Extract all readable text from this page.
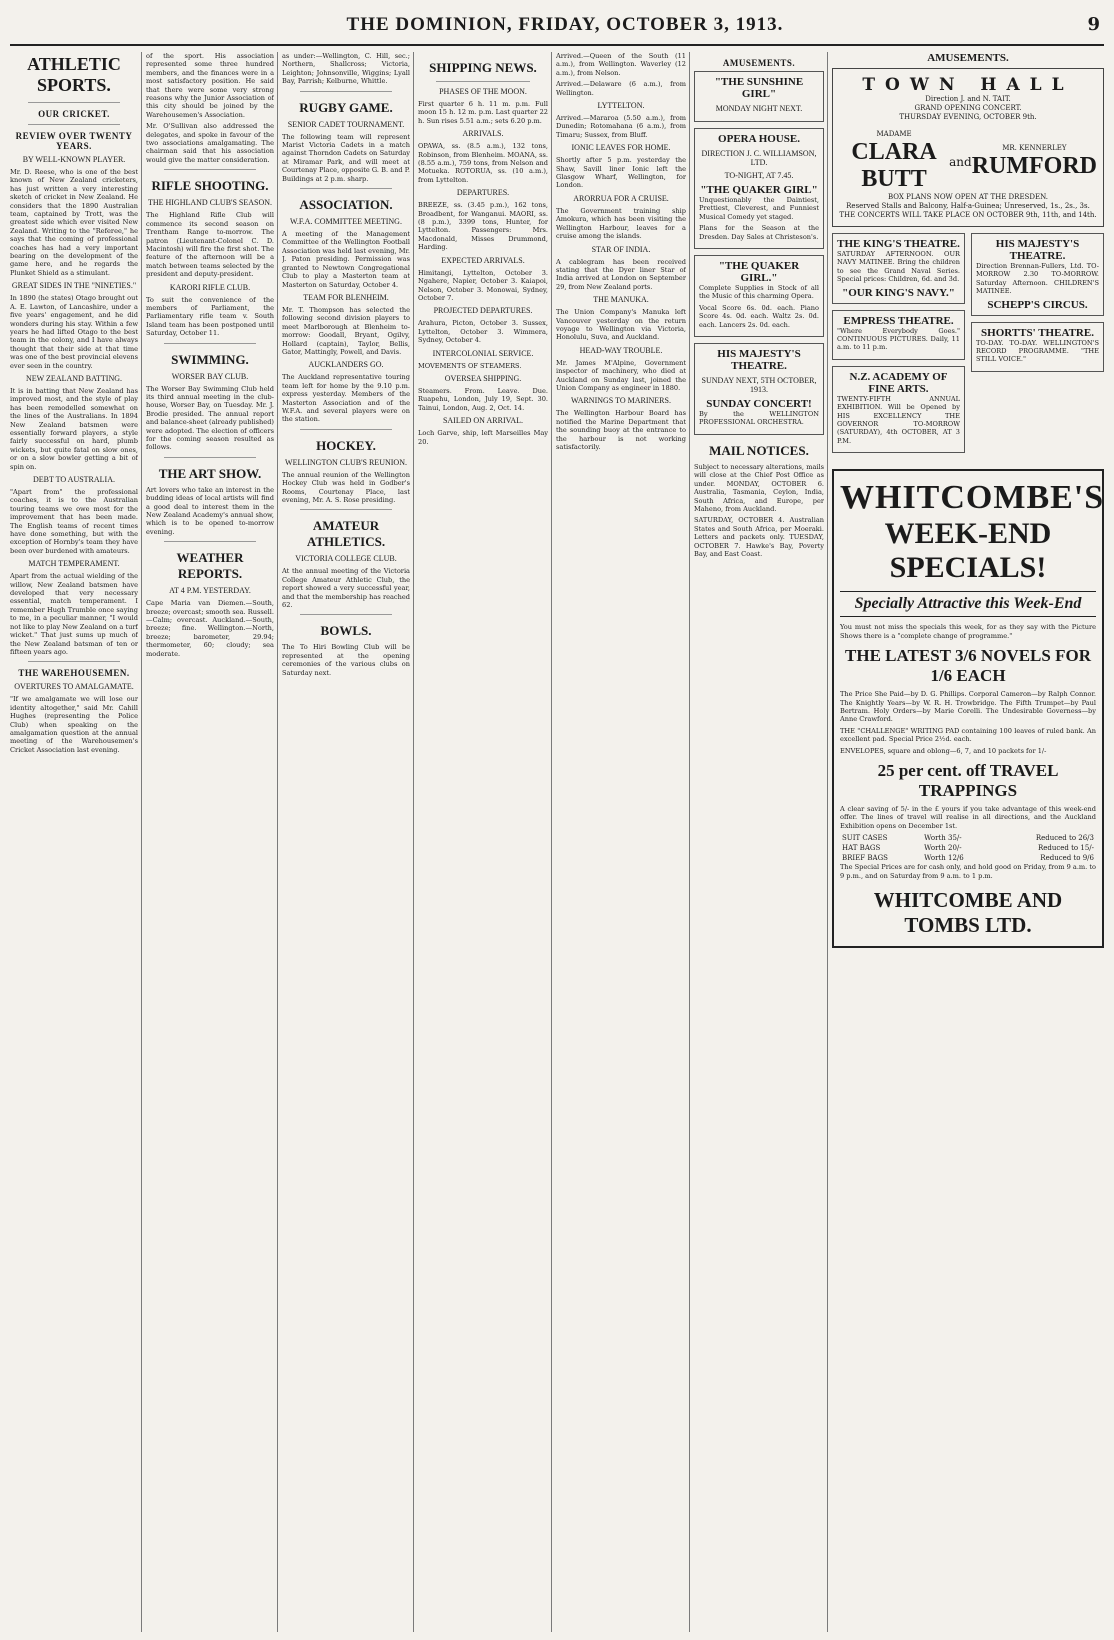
THE DOMINION, FRIDAY, OCTOBER 3, 1913.	9
ATHLETIC SPORTS.
OUR CRICKET.
REVIEW OVER TWENTY YEARS.
BY WELL-KNOWN PLAYER.

Mr. D. Reese, who is one of the best known of New Zealand cricketers, has just written a very interesting sketch of cricket in New Zealand. He considers that the 1890 Australian team, captained by Trott, was the greatest side which ever visited New Zealand. Writing to the "Referee," he says that the coming of professional coaches has had a very important bearing on the development of the game here, and he regards the Plunket Shield as a stimulant.

GREAT SIDES IN THE "NINETIES."

In 1890 (he states) Otago brought out A. E. Lawton, of Lancashire, under a five years' engagement, and he did wonders during his stay. Within a few years he had lifted Otago to the best team in the colony, and I have always thought that their side at that time was one of the best provincial elevens ever seen in the country.

NEW ZEALAND BATTING.

It is in batting that New Zealand has improved most, and the style of play has been remodelled somewhat on the lines of the Australians. In 1894 New Zealand batsmen were essentially forward players, a style fairly successful on hard, plumb wickets, but quite fatal on slow ones, or on a slow bowler getting a bit of spin on.

DEBT TO AUSTRALIA.

"Apart from" the professional coaches, it is to the Australian touring teams we owe most for the improvement that has been made. The English teams of recent times have done something, but with the exception of Hornby's team they have been over burdened with amateurs.

MATCH TEMPERAMENT.

Apart from the actual wielding of the willow, New Zealand batsmen have developed that very necessary essential, match temperament. I remember Hugh Trumble once saying to me, in a peculiar manner, "I would not like to play New Zealand on a turf wicket." That just sums up much of the New Zealand batsman of ten or fifteen years ago.

THE WAREHOUSEMEN.
OVERTURES TO AMALGAMATE.

"If we amalgamate we will lose our identity altogether," said Mr. Cahill Hughes (representing the Police Club) when speaking on the amalgamation question at the annual meeting of the Warehousemen's Cricket Association last evening.

of the sport. His association represented some three hundred members, and the finances were in a most satisfactory position. He said that there were some very strong reasons why the Junior Association of this city should be joined by the Warehousemen's Association.

Mr. O'Sullivan also addressed the delegates, and spoke in favour of the two associations amalgamating. The chairman said that his association would give the matter consideration.

RIFLE SHOOTING.
THE HIGHLAND CLUB'S SEASON.

The Highland Rifle Club will commence its second season on Trentham Range to-morrow. The patron (Lieutenant-Colonel C. D. Macintosh) will fire the first shot. The feature of the afternoon will be a match between teams selected by the president and deputy-president.

KARORI RIFLE CLUB.

To suit the convenience of the members of Parliament, the Parliamentary rifle team v. South Island team has been postponed until Saturday, October 11.

SWIMMING.
WORSER BAY CLUB.

The Worser Bay Swimming Club held its third annual meeting in the club-house, Worser Bay, on Tuesday. Mr. J. Brodie presided. The annual report and balance-sheet (already published) were adopted. The election of officers for the coming season resulted as follows.

THE ART SHOW.

Art lovers who take an interest in the budding ideas of local artists will find a good deal to interest them in the New Zealand Academy's annual show, which is to be opened to-morrow evening.

WEATHER REPORTS.
AT 4 P.M. YESTERDAY.

Cape Maria van Diemen.—South, breeze; overcast; smooth sea. Russell.—Calm; overcast. Auckland.—South, breeze; fine. Wellington.—North, breeze; barometer, 29.94; thermometer, 60; cloudy; sea moderate.

as under:—Wellington, C. Hill, sec.; Northern, Shallcross; Victoria, Leighton; Johnsonville, Wiggins; Lyall Bay, Parrish; Kelburne, Whittle.

RUGBY GAME.
SENIOR CADET TOURNAMENT.

The following team will represent Marist Victoria Cadets in a match against Thorndon Cadets on Saturday at Miramar Park, and will meet at Courtenay Place, opposite G. B. and P. Buildings at 2 p.m. sharp.

ASSOCIATION.
W.F.A. COMMITTEE MEETING.

A meeting of the Management Committee of the Wellington Football Association was held last evening, Mr. J. Paton presiding. Permission was granted to Newtown Congregational Club to play a Masterton team at Masterton on Saturday, October 4.

TEAM FOR BLENHEIM.

Mr. T. Thompson has selected the following second division players to meet Marlborough at Blenheim to-morrow: Goodall, Bryant, Ogilvy, Hollard (captain), Taylor, Bellis, Gator, Mattingly, Powell, and Davis.

AUCKLANDERS GO.

The Auckland representative touring team left for home by the 9.10 p.m. express yesterday. Members of the Masterton Association and of the W.F.A. and several players were on the station.

HOCKEY.
WELLINGTON CLUB'S REUNION.

The annual reunion of the Wellington Hockey Club was held in Godber's Rooms, Courtenay Place, last evening, Mr. A. S. Rose presiding.

AMATEUR ATHLETICS.
VICTORIA COLLEGE CLUB.

At the annual meeting of the Victoria College Amateur Athletic Club, the report showed a very successful year, and that the membership has reached 62.

BOWLS.

The To Hiri Bowling Club will be represented at the opening ceremonies of the various clubs on Saturday next.

SHIPPING NEWS.
PHASES OF THE MOON.

First quarter 6 h. 11 m. p.m. Full moon 15 h. 12 m. p.m. Last quarter 22 h. Sun rises 5.51 a.m.; sets 6.20 p.m.

ARRIVALS.

OPAWA, ss. (8.5 a.m.), 132 tons, Robinson, from Blenheim. MOANA, ss. (8.55 a.m.), 759 tons, from Nelson and Motueka. ROTORUA, ss. (10 a.m.), from Lyttelton.

DEPARTURES.

BREEZE, ss. (3.45 p.m.), 162 tons, Broadbent, for Wanganui. MAORI, ss. (8 p.m.), 3399 tons, Hunter, for Lyttelton. Passengers: Mrs. Macdonald, Misses Drummond, Harding.

EXPECTED ARRIVALS.

Himitangi, Lyttelton, October 3. Ngahere, Napier, October 3. Kaiapoi, Nelson, October 3. Monowai, Sydney, October 7.

PROJECTED DEPARTURES.

Arahura, Picton, October 3. Sussex, Lyttelton, October 3. Wimmera, Sydney, October 4.

INTERCOLONIAL SERVICE.

MOVEMENTS OF STEAMERS.

OVERSEA SHIPPING.

Steamers. From. Leave. Due. Ruapehu, London, July 19, Sept. 30. Tainui, London, Aug. 2, Oct. 14.

SAILED ON ARRIVAL.

Loch Garve, ship, left Marseilles May 20.

Arrived.—Queen of the South (11 a.m.), from Wellington. Waverley (12 a.m.), from Nelson.

Arrived.—Delaware (6 a.m.), from Wellington.

LYTTELTON.

Arrived.—Mararoa (5.50 a.m.), from Dunedin; Rotomahana (6 a.m.), from Timaru; Sussex, from Bluff.

IONIC LEAVES FOR HOME.

Shortly after 5 p.m. yesterday the Shaw, Savill liner Ionic left the Glasgow Wharf, Wellington, for London.

ARORRUA FOR A CRUISE.

The Government training ship Amokura, which has been visiting the Wellington Harbour, leaves for a cruise among the islands.

STAR OF INDIA.

A cablegram has been received stating that the Dyer liner Star of India arrived at London on September 29, from New Zealand ports.

THE MANUKA.

The Union Company's Manuka left Vancouver yesterday on the return voyage to Wellington via Victoria, Honolulu, Suva, and Auckland.

HEAD-WAY TROUBLE.

Mr. James M'Alpine, Government inspector of machinery, who died at Auckland on Sunday last, joined the Union Company as engineer in 1880.

WARNINGS TO MARINERS.

The Wellington Harbour Board has notified the Marine Department that the sounding buoy at the entrance to the harbour is not working satisfactorily.

AMUSEMENTS.
"THE SUNSHINE GIRL"
MONDAY NIGHT NEXT.
OPERA HOUSE.
DIRECTION J. C. WILLIAMSON, LTD.
TO-NIGHT, AT 7.45.
"THE QUAKER GIRL"

Unquestionably the Daintiest, Prettiest, Cleverest, and Funniest Musical Comedy yet staged.

Plans for the Season at the Dresden. Day Sales at Christeson's.

"THE QUAKER GIRL."

Complete Supplies in Stock of all the Music of this charming Opera.

Vocal Score 6s. 0d. each. Piano Score 4s. 0d. each. Waltz 2s. 0d. each. Lancers 2s. 0d. each.

HIS MAJESTY'S THEATRE.
SUNDAY NEXT, 5TH OCTOBER, 1913.
SUNDAY CONCERT!

By the WELLINGTON PROFESSIONAL ORCHESTRA.

MAIL NOTICES.

Subject to necessary alterations, mails will close at the Chief Post Office as under. MONDAY, OCTOBER 6. Australia, Tasmania, Ceylon, India, South Africa, and Europe, per Maheno, from Auckland.

SATURDAY, OCTOBER 4. Australian States and South Africa, per Moeraki. Letters and packets only. TUESDAY, OCTOBER 7. Hawke's Bay, Poverty Bay, and East Coast.

AMUSEMENTS.
TOWN HALL
Direction J. and N. TAIT.
GRAND OPENING CONCERT.
THURSDAY EVENING, OCTOBER 9th.
MADAME
CLARA BUTT
and
MR. KENNERLEY
RUMFORD
BOX PLANS NOW OPEN AT THE DRESDEN.
Reserved Stalls and Balcony, Half-a-Guinea; Unreserved, 1s., 2s., 3s.
THE CONCERTS WILL TAKE PLACE ON OCTOBER 9th, 11th, and 14th.
THE KING'S THEATRE.

SATURDAY AFTERNOON. OUR NAVY MATINEE. Bring the children to see the Grand Naval Series. Special prices: Children, 6d. and 3d.

"OUR KING'S NAVY."
EMPRESS THEATRE.

"Where Everybody Goes." CONTINUOUS PICTURES. Daily, 11 a.m. to 11 p.m.

N.Z. ACADEMY OF FINE ARTS.

TWENTY-FIFTH ANNUAL EXHIBITION. Will be Opened by HIS EXCELLENCY THE GOVERNOR TO-MORROW (SATURDAY), 4th OCTOBER, AT 3 P.M.

HIS MAJESTY'S THEATRE.

Direction Brennan-Fullers, Ltd. TO-MORROW 2.30 TO-MORROW. Saturday Afternoon. CHILDREN'S MATINEE.

SCHEPP'S CIRCUS.
SHORTTS' THEATRE.

TO-DAY. TO-DAY. WELLINGTON'S RECORD PROGRAMME. "THE STILL VOICE."

WHITCOMBE'S
WEEK-END SPECIALS!
Specially Attractive this Week-End

You must not miss the specials this week, for as they say with the Picture Shows there is a "complete change of programme."

THE LATEST 3/6 NOVELS FOR 1/6 EACH

The Price She Paid—by D. G. Phillips. Corporal Cameron—by Ralph Connor. The Knightly Years—by W. R. H. Trowbridge. The Fifth Trumpet—by Paul Bertram. Holy Orders—by Marie Corelli. The Undesirable Governess—by Anne Crawford.

THE "CHALLENGE" WRITING PAD containing 100 leaves of ruled bank. An excellent pad. Special Price 2½d. each.

ENVELOPES, square and oblong—6, 7, and 10 packets for 1/-

25 per cent. off TRAVEL TRAPPINGS

A clear saving of 5/- in the £ yours if you take advantage of this week-end offer. The lines of travel will realise in all directions, and the Auckland Exhibition opens on December 1st.

SUIT CASES	Worth 35/-	Reduced to 26/3
HAT BAGS	Worth 20/-	Reduced to 15/-
BRIEF BAGS	Worth 12/6	Reduced to 9/6

The Special Prices are for cash only, and hold good on Friday, from 9 a.m. to 9 p.m., and on Saturday from 9 a.m. to 1 p.m.

WHITCOMBE AND TOMBS LTD.
